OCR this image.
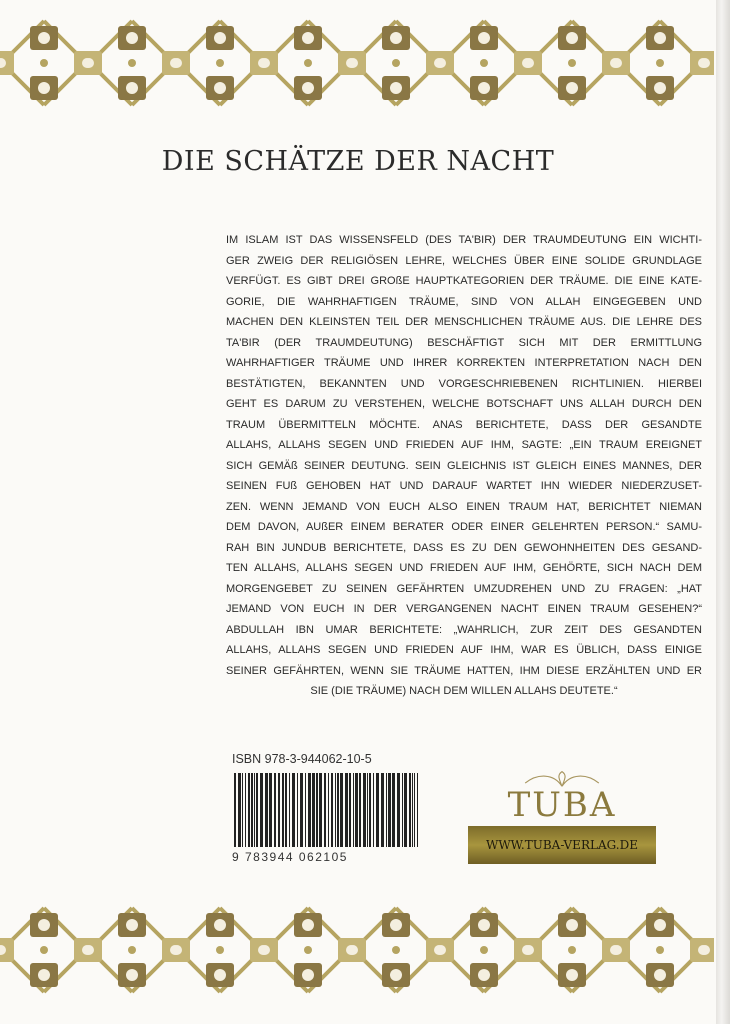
DIE SCHÄTZE DER NACHT
IM ISLAM IST DAS WISSENSFELD (DES TA'BIR) DER TRAUMDEUTUNG EIN WICHTI-
GER ZWEIG DER RELIGIÖSEN LEHRE, WELCHES ÜBER EINE SOLIDE GRUNDLAGE
VERFÜGT. ES GIBT DREI GROßE HAUPTKATEGORIEN DER TRÄUME. DIE EINE KATE-
GORIE, DIE WAHRHAFTIGEN TRÄUME, SIND VON ALLAH EINGEGEBEN UND
MACHEN DEN KLEINSTEN TEIL DER MENSCHLICHEN TRÄUME AUS. DIE LEHRE DES
TA'BIR (DER TRAUMDEUTUNG) BESCHÄFTIGT SICH MIT DER ERMITTLUNG
WAHRHAFTIGER TRÄUME UND IHRER KORREKTEN INTERPRETATION NACH DEN
BESTÄTIGTEN, BEKANNTEN UND VORGESCHRIEBENEN RICHTLINIEN. HIERBEI
GEHT ES DARUM ZU VERSTEHEN, WELCHE BOTSCHAFT UNS ALLAH DURCH DEN
TRAUM ÜBERMITTELN MÖCHTE. ANAS BERICHTETE, DASS DER GESANDTE
ALLAHS, ALLAHS SEGEN UND FRIEDEN AUF IHM, SAGTE: „EIN TRAUM EREIGNET
SICH GEMÄß SEINER DEUTUNG. SEIN GLEICHNIS IST GLEICH EINES MANNES, DER
SEINEN FUß GEHOBEN HAT UND DARAUF WARTET IHN WIEDER NIEDERZUSET-
ZEN. WENN JEMAND VON EUCH ALSO EINEN TRAUM HAT, BERICHTET NIEMAN
DEM DAVON, AUßER EINEM BERATER ODER EINER GELEHRTEN PERSON.“ SAMU-
RAH BIN JUNDUB BERICHTETE, DASS ES ZU DEN GEWOHNHEITEN DES GESAND-
TEN ALLAHS, ALLAHS SEGEN UND FRIEDEN AUF IHM, GEHÖRTE, SICH NACH DEM
MORGENGEBET ZU SEINEN GEFÄHRTEN UMZUDREHEN UND ZU FRAGEN: „HAT
JEMAND VON EUCH IN DER VERGANGENEN NACHT EINEN TRAUM GESEHEN?“
ABDULLAH IBN UMAR BERICHTETE: „WAHRLICH, ZUR ZEIT DES GESANDTEN
ALLAHS, ALLAHS SEGEN UND FRIEDEN AUF IHM, WAR ES ÜBLICH, DASS EINIGE
SEINER GEFÄHRTEN, WENN SIE TRÄUME HATTEN, IHM DIESE ERZÄHLTEN UND ER
SIE (DIE TRÄUME) NACH DEM WILLEN ALLAHS DEUTETE.“
ISBN 978-3-944062-10-5
9 783944 062105
TUBA
WWW.TUBA-VERLAG.DE
